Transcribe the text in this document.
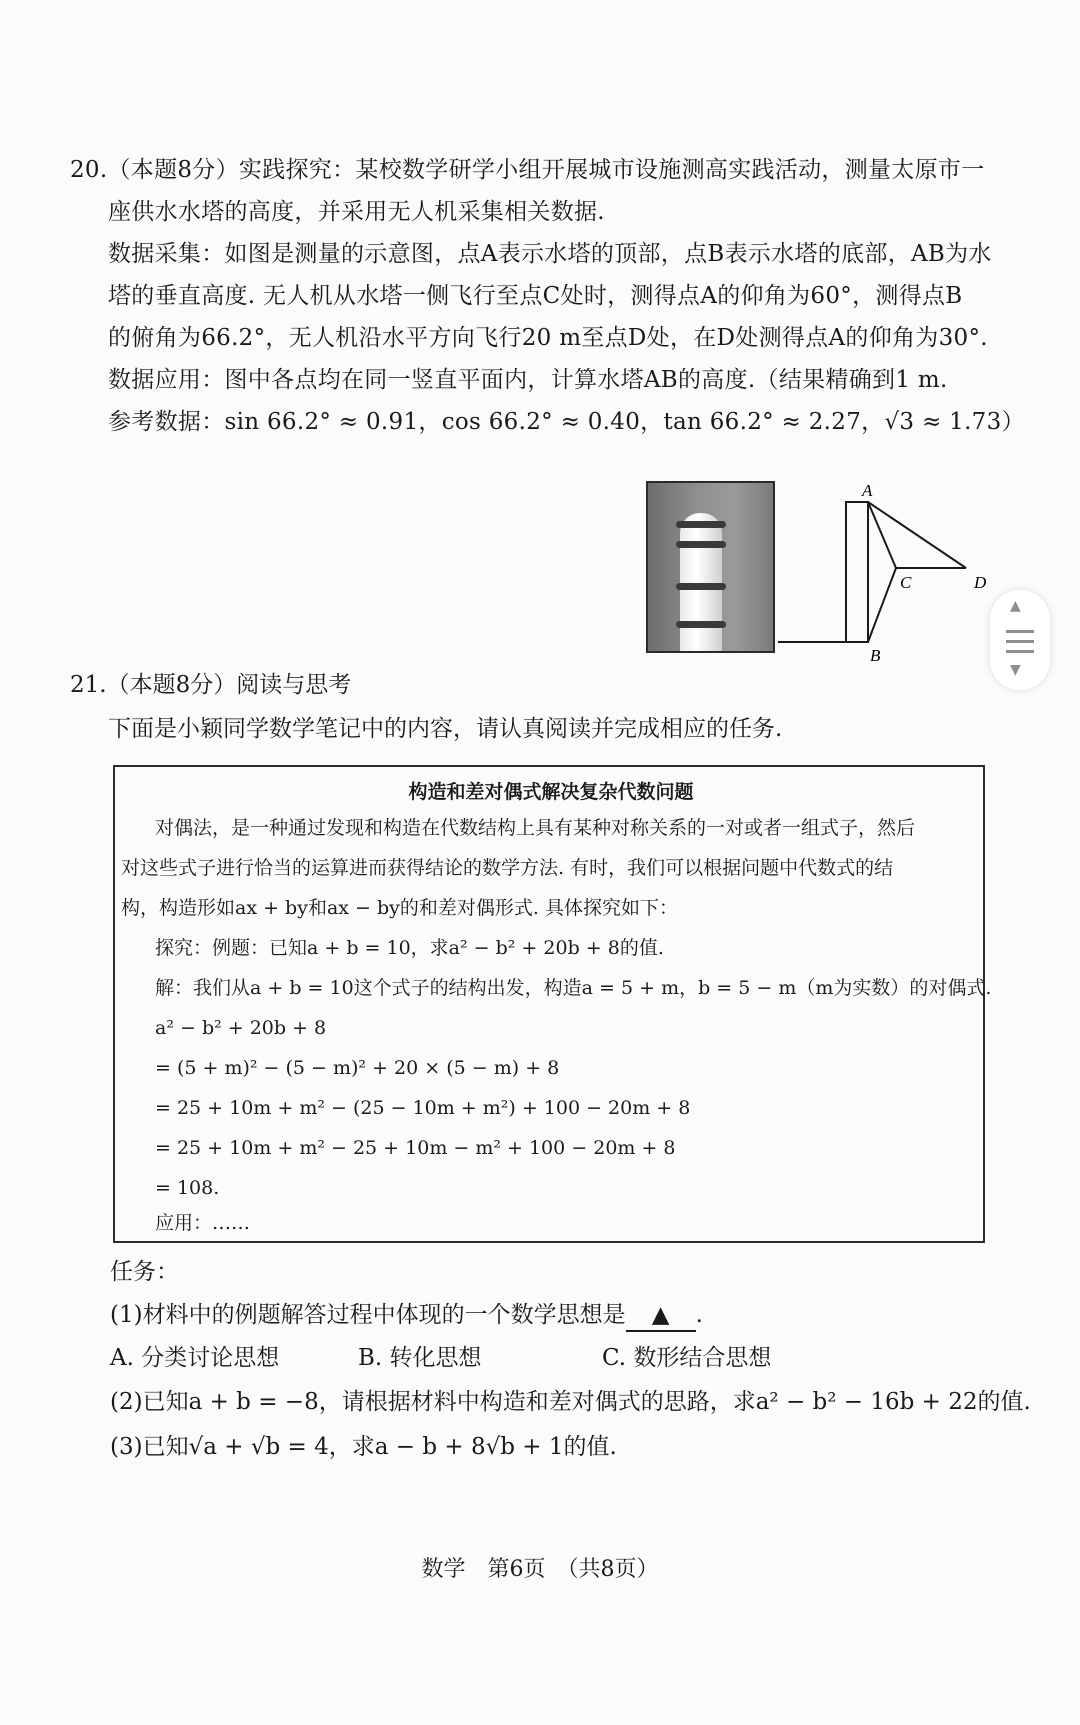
20.（本题8分）实践探究：某校数学研学小组开展城市设施测高实践活动，测量太原市一
座供水水塔的高度，并采用无人机采集相关数据.
数据采集：如图是测量的示意图，点A表示水塔的顶部，点B表示水塔的底部，AB为水
塔的垂直高度. 无人机从水塔一侧飞行至点C处时，测得点A的仰角为60°，测得点B
的俯角为66.2°，无人机沿水平方向飞行20 m至点D处，在D处测得点A的仰角为30°.
数据应用：图中各点均在同一竖直平面内，计算水塔AB的高度.（结果精确到1 m.
参考数据：sin 66.2° ≈ 0.91，cos 66.2° ≈ 0.40，tan 66.2° ≈ 2.27，√3 ≈ 1.73）
A
B
C	D
▲
▼
21.（本题8分）阅读与思考
下面是小颖同学数学笔记中的内容，请认真阅读并完成相应的任务.
构造和差对偶式解决复杂代数问题
对偶法，是一种通过发现和构造在代数结构上具有某种对称关系的一对或者一组式子，然后
对这些式子进行恰当的运算进而获得结论的数学方法. 有时，我们可以根据问题中代数式的结
构，构造形如ax + by和ax − by的和差对偶形式. 具体探究如下：
探究：例题：已知a + b = 10，求a² − b² + 20b + 8的值.
解：我们从a + b = 10这个式子的结构出发，构造a = 5 + m，b = 5 − m（m为实数）的对偶式.
a² − b² + 20b + 8
= (5 + m)² − (5 − m)² + 20 × (5 − m) + 8
= 25 + 10m + m² − (25 − 10m + m²) + 100 − 20m + 8
= 25 + 10m + m² − 25 + 10m − m² + 100 − 20m + 8
= 108.
应用：……
任务：
(1)材料中的例题解答过程中体现的一个数学思想是 ▲ .
A. 分类讨论思想	B. 转化思想	C. 数形结合思想
(2)已知a + b = −8，请根据材料中构造和差对偶式的思路，求a² − b² − 16b + 22的值.
(3)已知√a + √b = 4，求a − b + 8√b + 1的值.
数学　第6页　（共8页）
